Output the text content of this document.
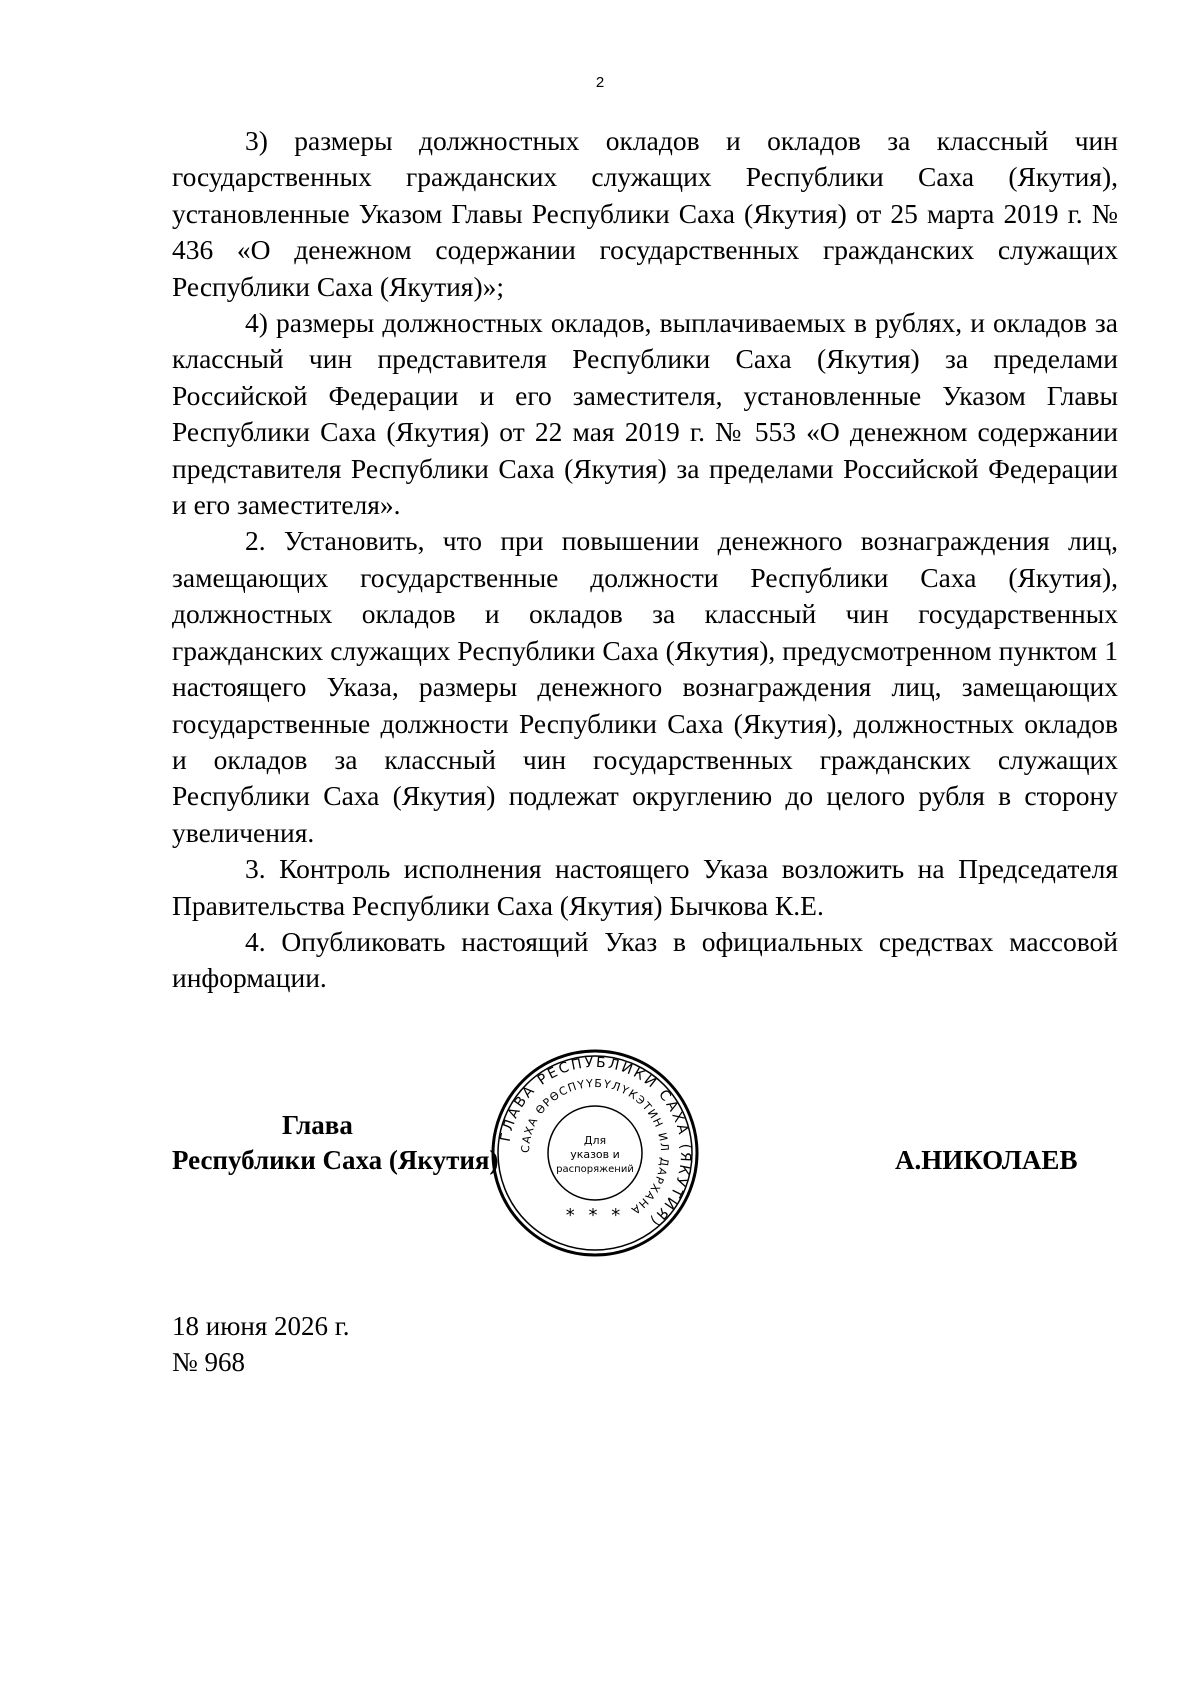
2

3) размеры должностных окладов и окладов за классный чин государственных гражданских служащих Республики Саха (Якутия), установленные Указом Главы Республики Саха (Якутия) от 25 марта 2019 г. № 436 «О денежном содержании государственных гражданских служащих Республики Саха (Якутия)»;

4) размеры должностных окладов, выплачиваемых в рублях, и окладов за классный чин представителя Республики Саха (Якутия) за пределами Российской Федерации и его заместителя, установленные Указом Главы Республики Саха (Якутия) от 22 мая 2019 г. № 553 «О денежном содержании представителя Республики Саха (Якутия) за пределами Российской Федерации и его заместителя».

2. Установить, что при повышении денежного вознаграждения лиц, замещающих государственные должности Республики Саха (Якутия), должностных окладов и окладов за классный чин государственных гражданских служащих Республики Саха (Якутия), предусмотренном пунктом 1 настоящего Указа, размеры денежного вознаграждения лиц, замещающих государственные должности Республики Саха (Якутия), должностных окладов и окладов за классный чин государственных гражданских служащих Республики Саха (Якутия) подлежат округлению до целого рубля в сторону увеличения.

3. Контроль исполнения настоящего Указа возложить на Председателя Правительства Республики Саха (Якутия) Бычкова К.Е.

4. Опубликовать настоящий Указ в официальных средствах массовой информации.

Глава
Республики Саха (Якутия)
ГЛАВА РЕСПУБЛИКИ САХА (ЯКУТИЯ)
САХА ӨРӨСПҮҮБҮЛҮКЭТИН ИЛ ДАРХАНА
Для
указов и
распоряжений
* * *
А.НИКОЛАЕВ
18 июня 2026 г.
№ 968
